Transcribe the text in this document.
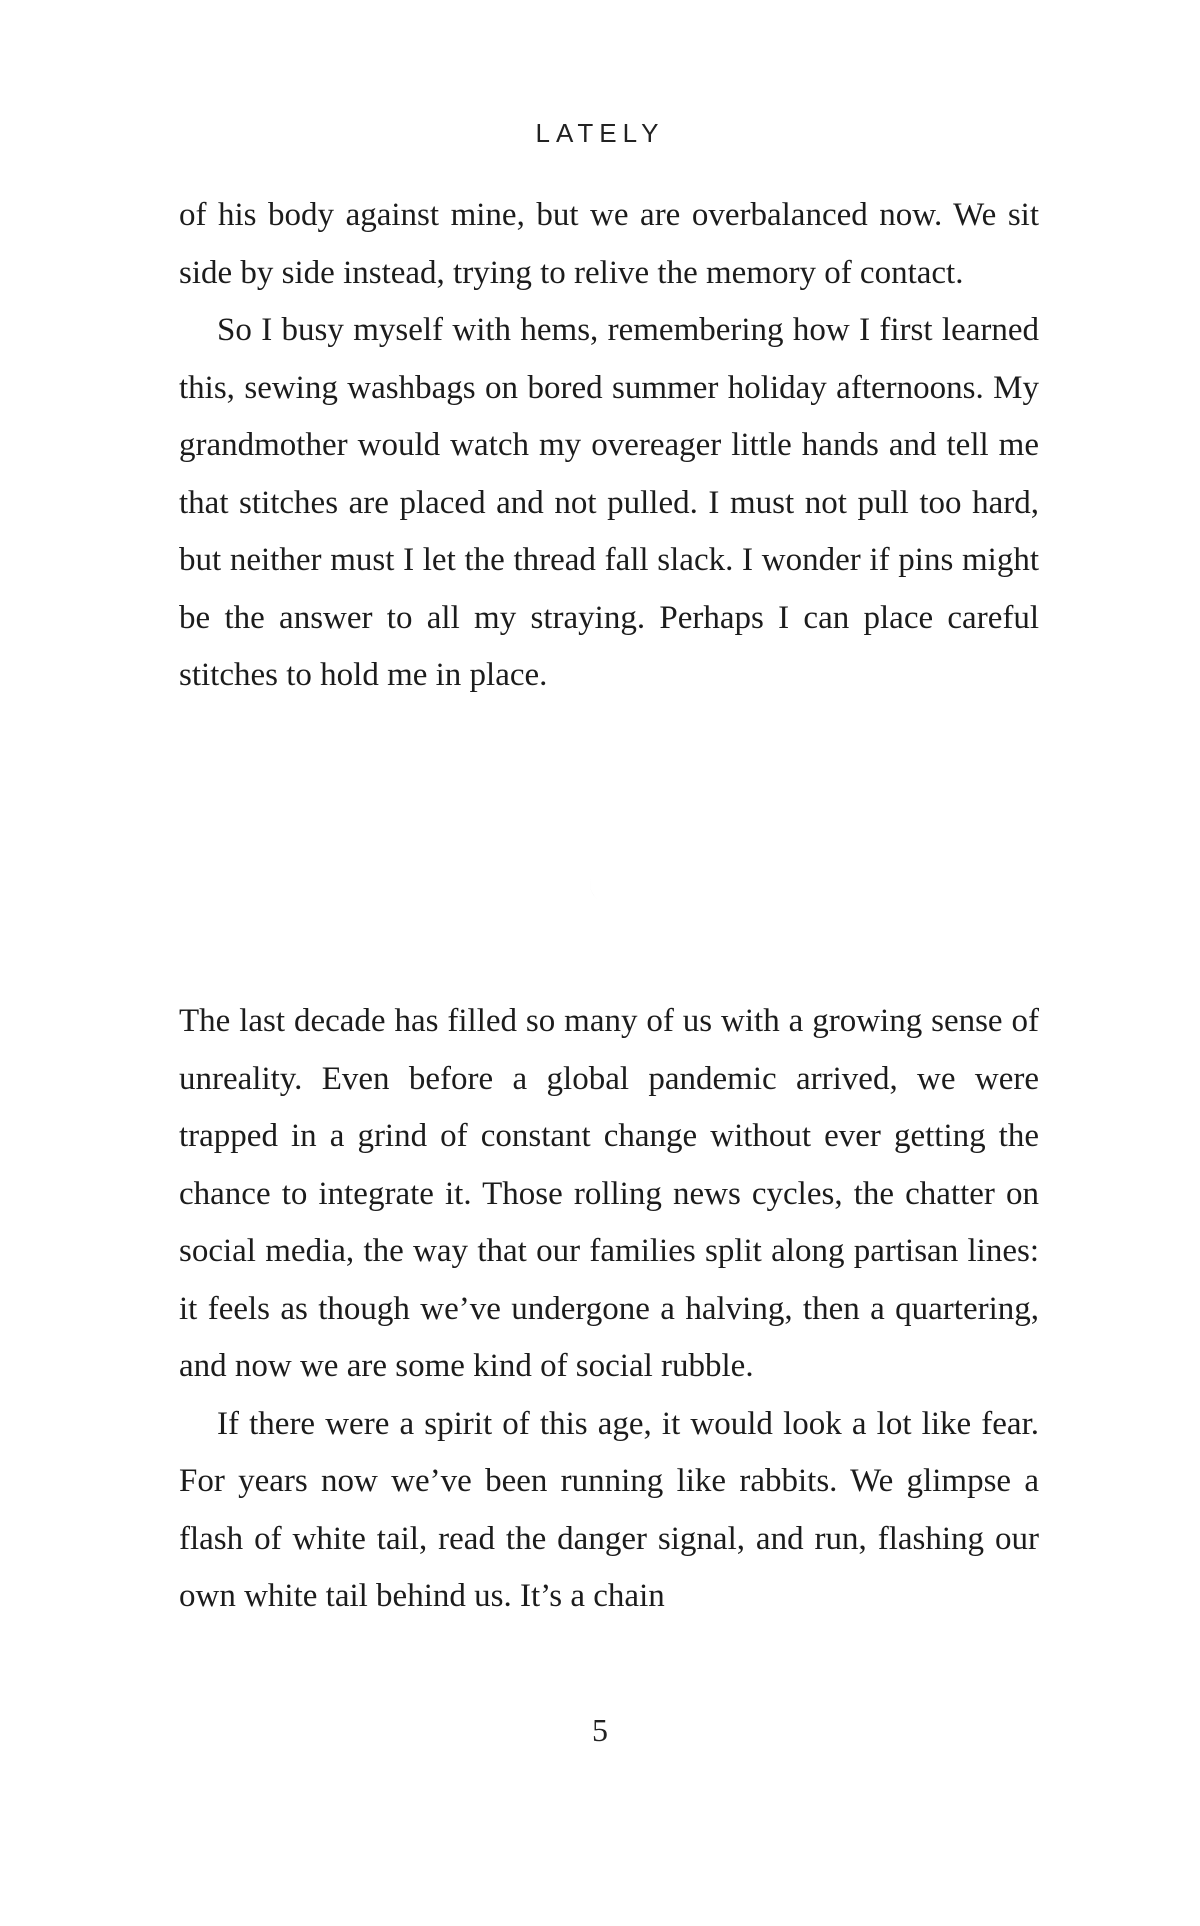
LATELY

of his body against mine, but we are overbalanced now. We sit side by side instead, trying to relive the memory of contact.

So I busy myself with hems, remembering how I first learned this, sewing washbags on bored summer holiday afternoons. My grandmother would watch my overeager little hands and tell me that stitches are placed and not pulled. I must not pull too hard, but neither must I let the thread fall slack. I wonder if pins might be the answer to all my straying. Perhaps I can place careful stitches to hold me in place.

The last decade has filled so many of us with a growing sense of unreality. Even before a global pandemic arrived, we were trapped in a grind of constant change without ever getting the chance to integrate it. Those rolling news cycles, the chatter on social media, the way that our families split along partisan lines: it feels as though we’ve undergone a halving, then a quartering, and now we are some kind of social rubble.

If there were a spirit of this age, it would look a lot like fear. For years now we’ve been running like rabbits. We glimpse a flash of white tail, read the danger signal, and run, flashing our own white tail behind us. It’s a chain

5
